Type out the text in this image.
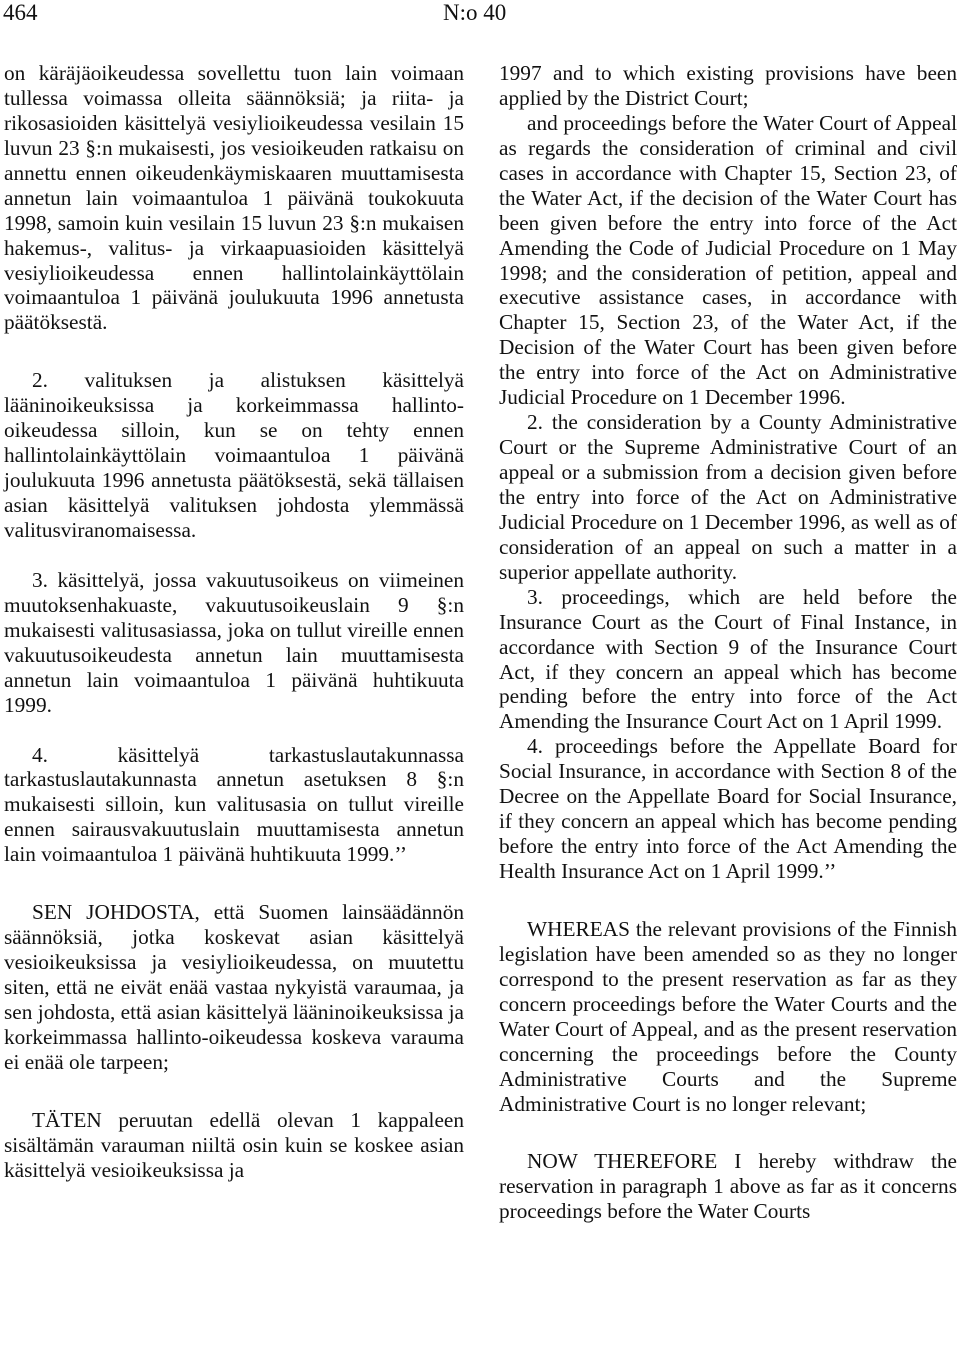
464	N:o 40

on käräjäoikeudessa sovellettu tuon lain voimaan tullessa voimassa olleita säännöksiä; ja riita- ja rikosasioiden käsittelyä vesiylioikeudessa vesilain 15 luvun 23 §:n mukaisesti, jos vesioikeuden ratkaisu on annettu ennen oikeudenkäymiskaaren muuttamisesta annetun lain voimaantuloa 1 päivänä toukokuuta 1998, samoin kuin vesilain 15 luvun 23 §:n mukaisen hakemus-, valitus- ja virkaapuasioiden käsittelyä vesiylioikeudessa ennen hallintolainkäyttölain voimaantuloa 1 päivänä joulukuuta 1996 annetusta päätöksestä.

2. valituksen ja alistuksen käsittelyä lääninoikeuksissa ja korkeimmassa hallinto-oikeudessa silloin, kun se on tehty ennen hallintolainkäyttölain voimaantuloa 1 päivänä joulukuuta 1996 annetusta päätöksestä, sekä tällaisen asian käsittelyä valituksen johdosta ylemmässä valitusviranomaisessa.

3. käsittelyä, jossa vakuutusoikeus on viimeinen muutoksenhakuaste, vakuutusoikeuslain 9 §:n mukaisesti valitusasiassa, joka on tullut vireille ennen vakuutusoikeudesta annetun lain muuttamisesta annetun lain voimaantuloa 1 päivänä huhtikuuta 1999.

4. käsittelyä tarkastuslautakunnassa tarkastuslautakunnasta annetun asetuksen 8 §:n mukaisesti silloin, kun valitusasia on tullut vireille ennen sairausvakuutuslain muuttamisesta annetun lain voimaantuloa 1 päivänä huhtikuuta 1999.’’

SEN JOHDOSTA, että Suomen lainsäädännön säännöksiä, jotka koskevat asian käsittelyä vesioikeuksissa ja vesiylioikeudessa, on muutettu siten, että ne eivät enää vastaa nykyistä varaumaa, ja sen johdosta, että asian käsittelyä lääninoikeuksissa ja korkeimmassa hallinto-oikeudessa koskeva varauma ei enää ole tarpeen;

TÄTEN peruutan edellä olevan 1 kappaleen sisältämän varauman niiltä osin kuin se koskee asian käsittelyä vesioikeuksissa ja

1997 and to which existing provisions have been applied by the District Court;

and proceedings before the Water Court of Appeal as regards the consideration of criminal and civil cases in accordance with Chapter 15, Section 23, of the Water Act, if the decision of the Water Court has been given before the entry into force of the Act Amending the Code of Judicial Procedure on 1 May 1998; and the consideration of petition, appeal and executive assistance cases, in accordance with Chapter 15, Section 23, of the Water Act, if the Decision of the Water Court has been given before the entry into force of the Act on Administrative Judicial Procedure on 1 December 1996.

2. the consideration by a County Administrative Court or the Supreme Administrative Court of an appeal or a submission from a decision given before the entry into force of the Act on Administrative Judicial Procedure on 1 December 1996, as well as of consideration of an appeal on such a matter in a superior appellate authority.

3. proceedings, which are held before the Insurance Court as the Court of Final Instance, in accordance with Section 9 of the Insurance Court Act, if they concern an appeal which has become pending before the entry into force of the Act Amending the Insurance Court Act on 1 April 1999.

4. proceedings before the Appellate Board for Social Insurance, in accordance with Section 8 of the Decree on the Appellate Board for Social Insurance, if they concern an appeal which has become pending before the entry into force of the Act Amending the Health Insurance Act on 1 April 1999.’’

WHEREAS the relevant provisions of the Finnish legislation have been amended so as they no longer correspond to the present reservation as far as they concern proceedings before the Water Courts and the Water Court of Appeal, and as the present reservation concerning the proceedings before the County Administrative Courts and the Supreme Administrative Court is no longer relevant;

NOW THEREFORE I hereby withdraw the reservation in paragraph 1 above as far as it concerns proceedings before the Water Courts
